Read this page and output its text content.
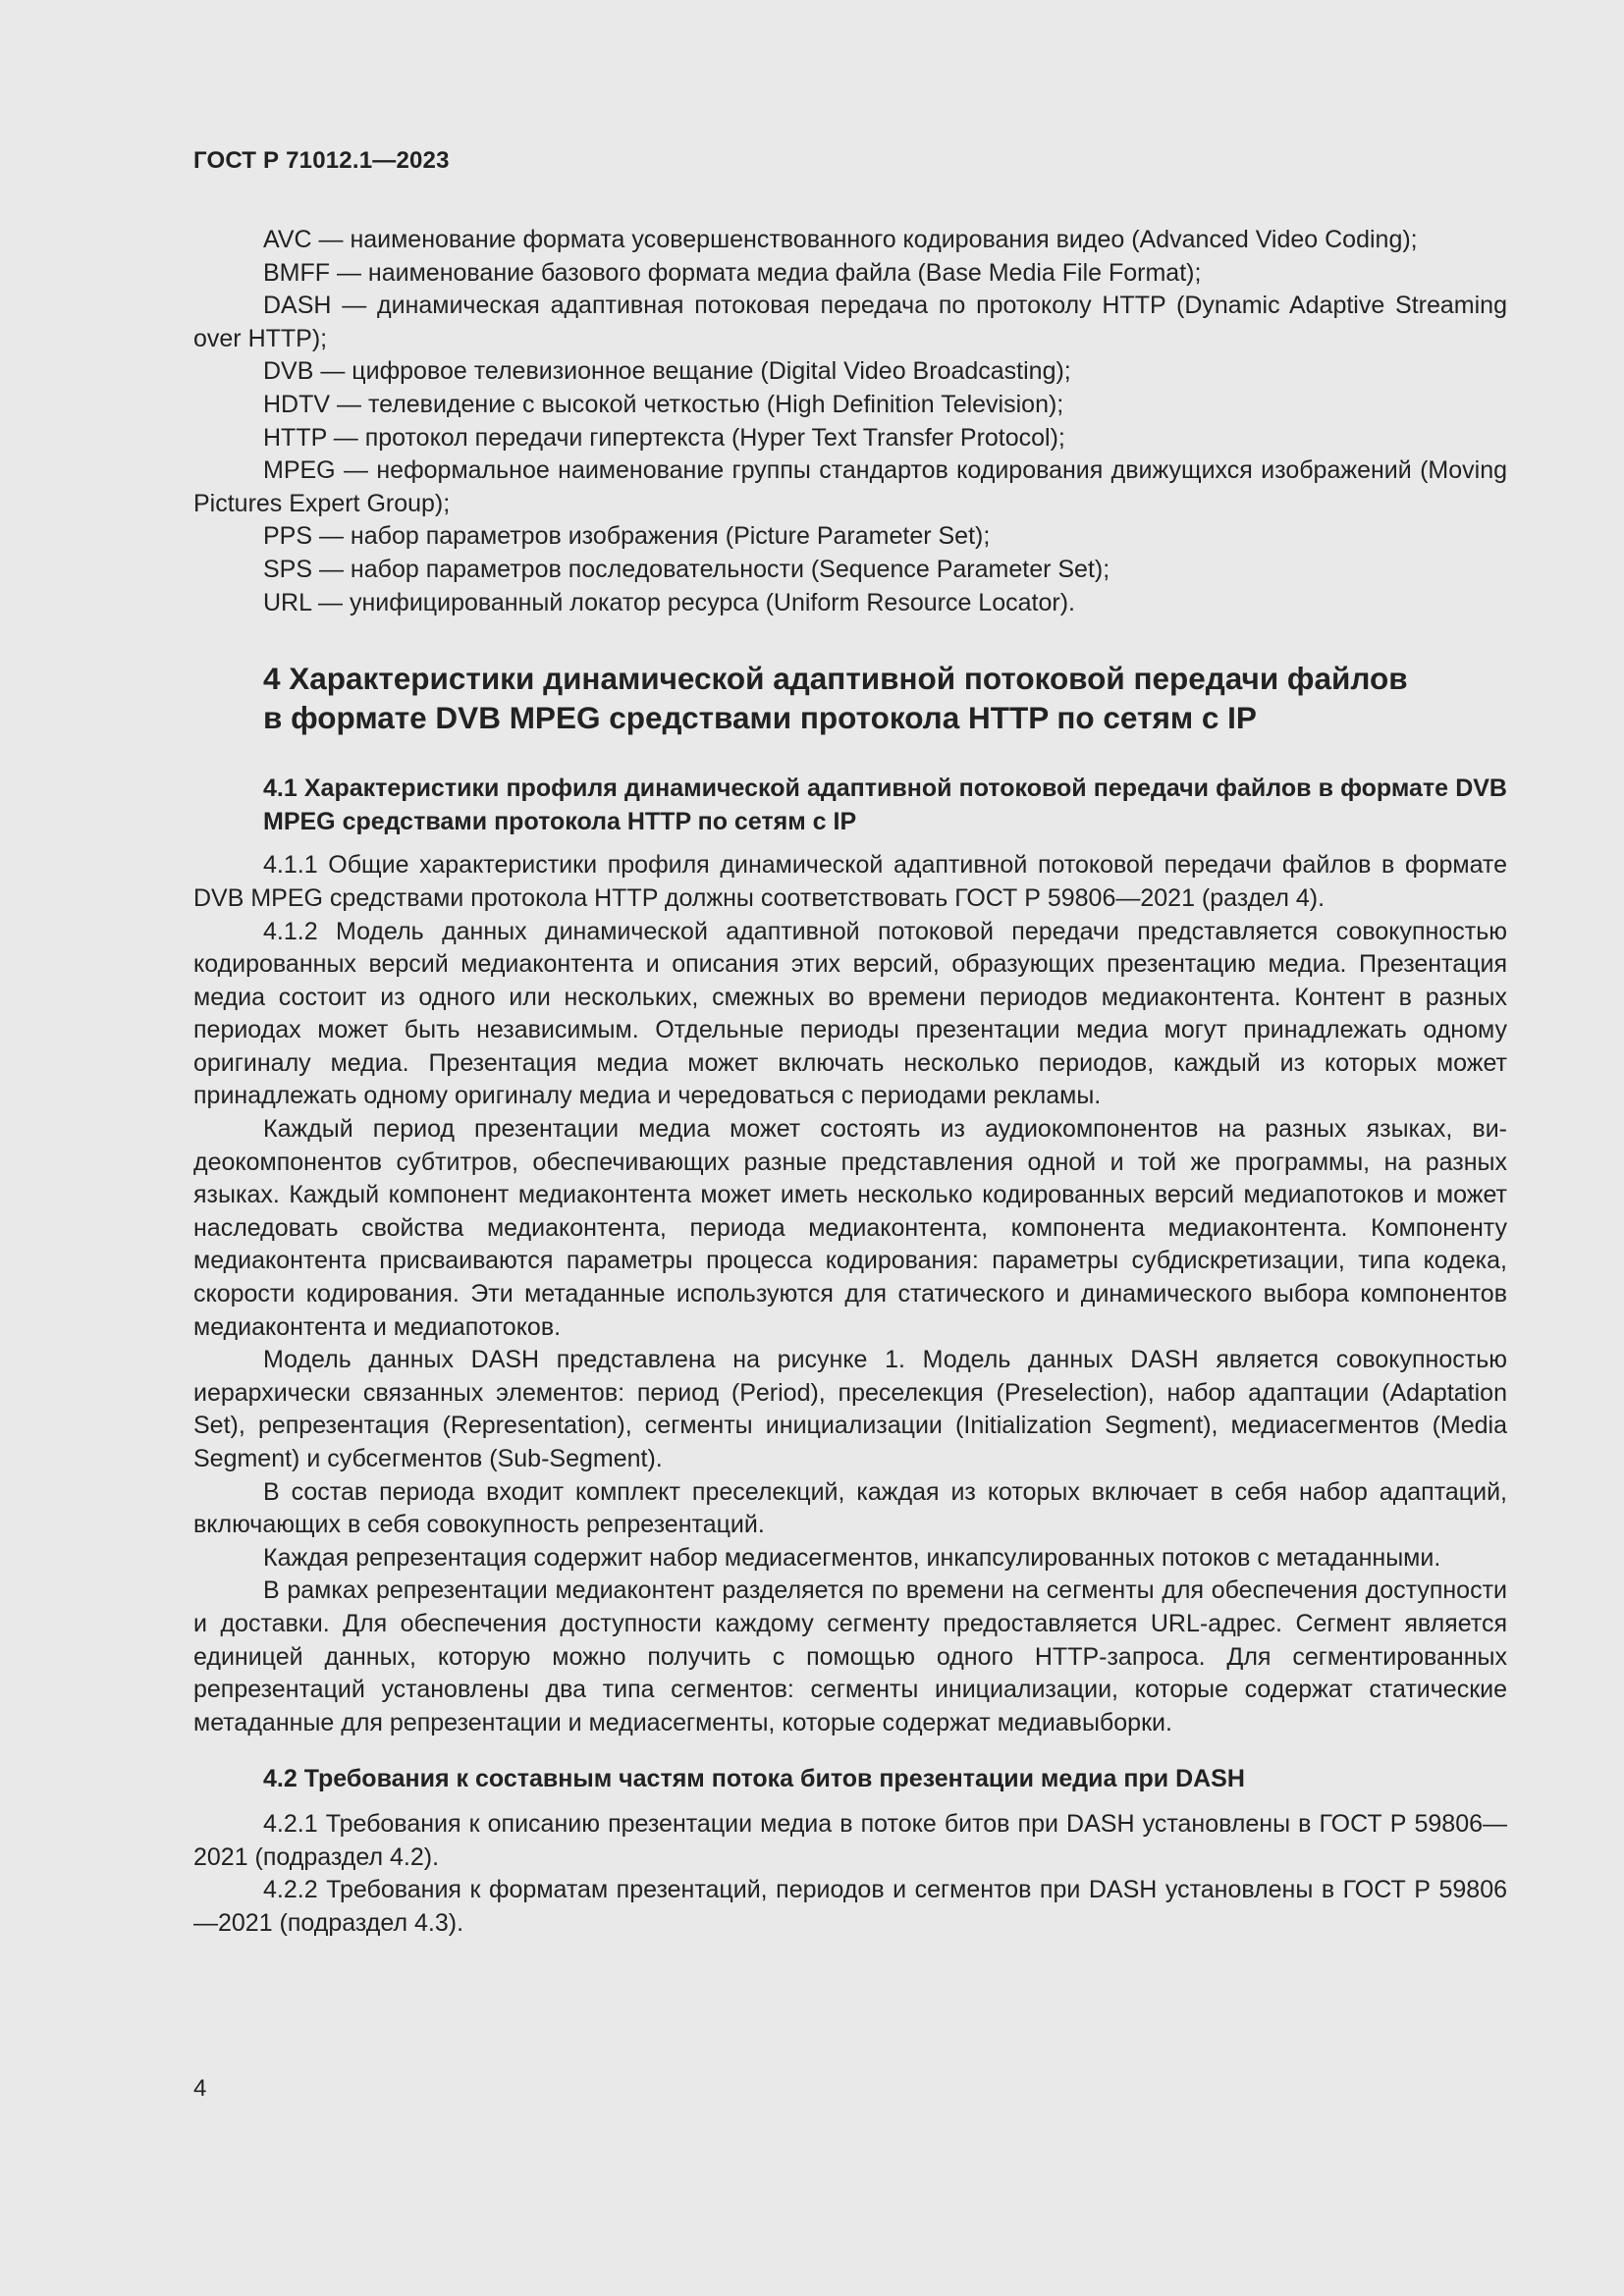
ГОСТ Р 71012.1—2023

AVC — наименование формата усовершенствованного кодирования видео (Advanced Video Coding);

BMFF — наименование базового формата медиа файла (Base Media File Format);

DASH — динамическая адаптивная потоковая передача по протоколу HTTP (Dynamic Adaptive Streaming over HTTP);

DVB — цифровое телевизионное вещание (Digital Video Broadcasting);

HDTV — телевидение с высокой четкостью (High Definition Television);

HTTP — протокол передачи гипертекста (Hyper Text Transfer Protocol);

MPEG — неформальное наименование группы стандартов кодирования движущихся изображений (Moving Pictures Expert Group);

PPS — набор параметров изображения (Picture Parameter Set);

SPS — набор параметров последовательности (Sequence Parameter Set);

URL — унифицированный локатор ресурса (Uniform Resource Locator).

4 Характеристики динамической адаптивной потоковой передачи файлов
в формате DVB MPEG средствами протокола HTTP по сетям с IP

4.1 Характеристики профиля динамической адаптивной потоковой передачи файлов в формате DVB MPEG средствами протокола HTTP по сетям с IP

4.1.1 Общие характеристики профиля динамической адаптивной потоковой передачи файлов в формате DVB MPEG средствами протокола HTTP должны соответствовать ГОСТ Р 59806—2021 (раздел 4).

4.1.2 Модель данных динамической адаптивной потоковой передачи представляется совокупностью кодированных версий медиаконтента и описания этих версий, образующих презентацию медиа. Презентация медиа состоит из одного или нескольких, смежных во времени периодов медиаконтента. Контент в разных периодах может быть независимым. Отдельные периоды презентации медиа могут принадлежать одному оригиналу медиа. Презентация медиа может включать несколько периодов, каждый из которых может принадлежать одному оригиналу медиа и чередоваться с периодами рекламы.

Каждый период презентации медиа может состоять из аудиокомпонентов на разных языках, видеокомпонентов субтитров, обеспечивающих разные представления одной и той же программы, на разных языках. Каждый компонент медиаконтента может иметь несколько кодированных версий медиапотоков и может наследовать свойства медиаконтента, периода медиаконтента, компонента медиаконтента. Компоненту медиаконтента присваиваются параметры процесса кодирования: параметры субдискретизации, типа кодека, скорости кодирования. Эти метаданные используются для статического и динамического выбора компонентов медиаконтента и медиапотоков.

Модель данных DASH представлена на рисунке 1. Модель данных DASH является совокупностью иерархически связанных элементов: период (Period), преселекция (Preselection), набор адаптации (Adaptation Set), репрезентация (Representation), сегменты инициализации (Initialization Segment), медиасегментов (Media Segment) и субсегментов (Sub-Segment).

В состав периода входит комплект преселекций, каждая из которых включает в себя набор адаптаций, включающих в себя совокупность репрезентаций.

Каждая репрезентация содержит набор медиасегментов, инкапсулированных потоков с метаданными.

В рамках репрезентации медиаконтент разделяется по времени на сегменты для обеспечения доступности и доставки. Для обеспечения доступности каждому сегменту предоставляется URL-адрес. Сегмент является единицей данных, которую можно получить с помощью одного HTTP-запроса. Для сегментированных репрезентаций установлены два типа сегментов: сегменты инициализации, которые содержат статические метаданные для репрезентации и медиасегменты, которые содержат медиавыборки.

4.2 Требования к составным частям потока битов презентации медиа при DASH

4.2.1 Требования к описанию презентации медиа в потоке битов при DASH установлены в ГОСТ Р 59806—2021 (подраздел 4.2).

4.2.2 Требования к форматам презентаций, периодов и сегментов при DASH установлены в ГОСТ Р 59806—2021 (подраздел 4.3).

4
